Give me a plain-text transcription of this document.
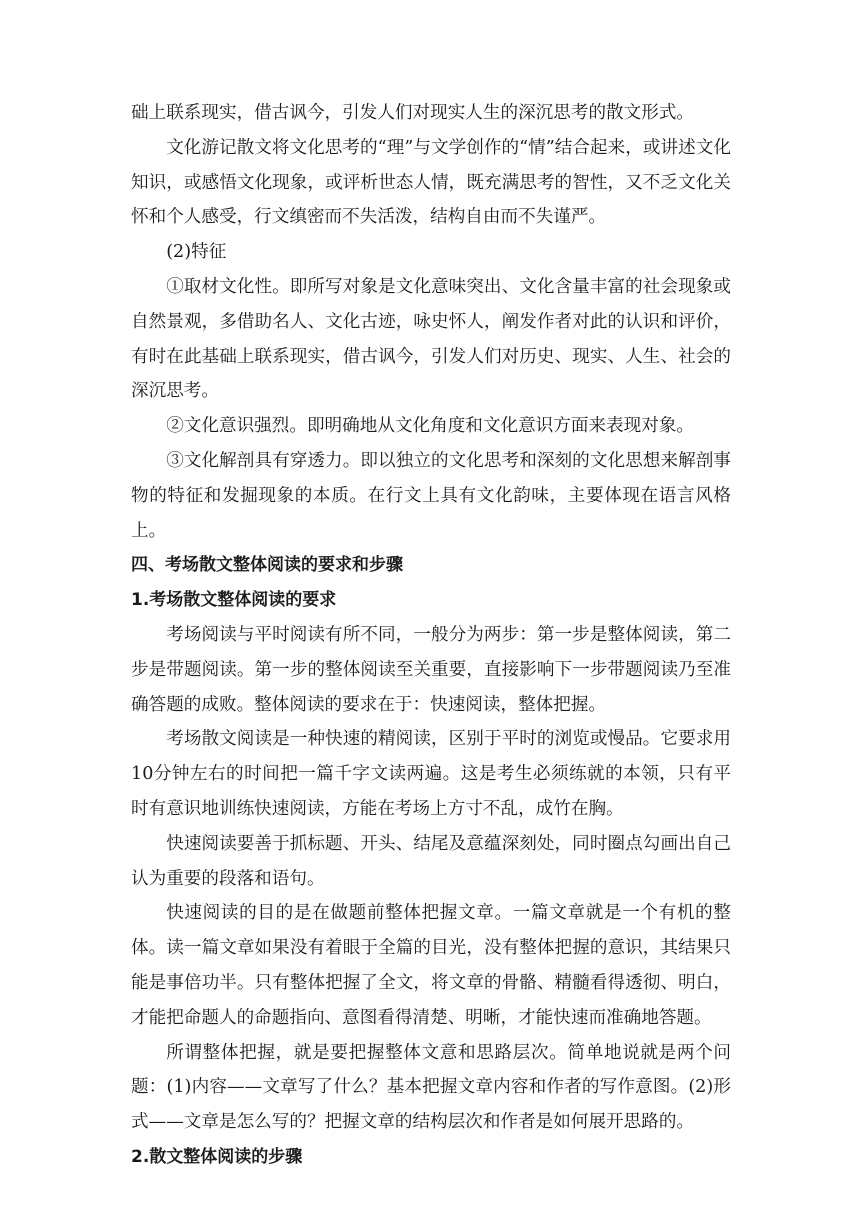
础上联系现实，借古讽今，引发人们对现实人生的深沉思考的散文形式。

文化游记散文将文化思考的“理”与文学创作的“情”结合起来，或讲述文化知识，或感悟文化现象，或评析世态人情，既充满思考的智性，又不乏文化关怀和个人感受，行文缜密而不失活泼，结构自由而不失谨严。

(2)特征

①取材文化性。即所写对象是文化意味突出、文化含量丰富的社会现象或自然景观，多借助名人、文化古迹，咏史怀人，阐发作者对此的认识和评价，有时在此基础上联系现实，借古讽今，引发人们对历史、现实、人生、社会的深沉思考。

②文化意识强烈。即明确地从文化角度和文化意识方面来表现对象。

③文化解剖具有穿透力。即以独立的文化思考和深刻的文化思想来解剖事物的特征和发掘现象的本质。在行文上具有文化韵味，主要体现在语言风格上。

四、考场散文整体阅读的要求和步骤

1.考场散文整体阅读的要求

考场阅读与平时阅读有所不同，一般分为两步：第一步是整体阅读，第二步是带题阅读。第一步的整体阅读至关重要，直接影响下一步带题阅读乃至准确答题的成败。整体阅读的要求在于：快速阅读，整体把握。

考场散文阅读是一种快速的精阅读，区别于平时的浏览或慢品。它要求用10分钟左右的时间把一篇千字文读两遍。这是考生必须练就的本领，只有平时有意识地训练快速阅读，方能在考场上方寸不乱，成竹在胸。

快速阅读要善于抓标题、开头、结尾及意蕴深刻处，同时圈点勾画出自己认为重要的段落和语句。

快速阅读的目的是在做题前整体把握文章。一篇文章就是一个有机的整体。读一篇文章如果没有着眼于全篇的目光，没有整体把握的意识，其结果只能是事倍功半。只有整体把握了全文，将文章的骨骼、精髓看得透彻、明白，才能把命题人的命题指向、意图看得清楚、明晰，才能快速而准确地答题。

所谓整体把握，就是要把握整体文意和思路层次。简单地说就是两个问题：(1)内容——文章写了什么？基本把握文章内容和作者的写作意图。(2)形式——文章是怎么写的？把握文章的结构层次和作者是如何展开思路的。

2.散文整体阅读的步骤
